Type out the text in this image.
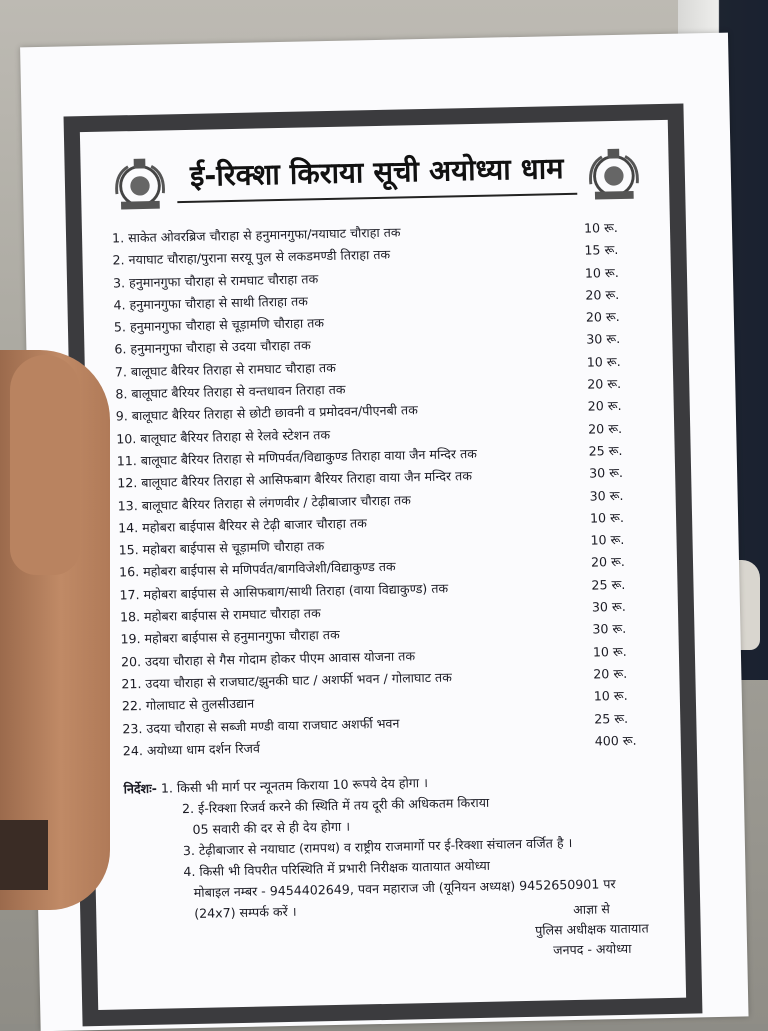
ई-रिक्शा किराया सूची अयोध्या धाम
1. साकेत ओवरब्रिज चौराहा से हनुमानगुफा/नयाघाट चौराहा तक	10 रू.
2. नयाघाट चौराहा/पुराना सरयू पुल से लकडमण्डी तिराहा तक	15 रू.
3. हनुमानगुफा चौराहा से रामघाट चौराहा तक	10 रू.
4. हनुमानगुफा चौराहा से साथी तिराहा तक	20 रू.
5. हनुमानगुफा चौराहा से चूड़ामणि चौराहा तक	20 रू.
6. हनुमानगुफा चौराहा से उदया चौराहा तक	30 रू.
7. बालूघाट बैरियर तिराहा से रामघाट चौराहा तक	10 रू.
8. बालूघाट बैरियर तिराहा से वन्तधावन तिराहा तक	20 रू.
9. बालूघाट बैरियर तिराहा से छोटी छावनी व प्रमोदवन/पीएनबी तक	20 रू.
10. बालूघाट बैरियर तिराहा से रेलवे स्टेशन तक	20 रू.
11. बालूघाट बैरियर तिराहा से मणिपर्वत/विद्याकुण्ड तिराहा वाया जैन मन्दिर तक	25 रू.
12. बालूघाट बैरियर तिराहा से आसिफबाग बैरियर तिराहा वाया जैन मन्दिर तक	30 रू.
13. बालूघाट बैरियर तिराहा से लंगणवीर / टेढ़ीबाजार चौराहा तक	30 रू.
14. महोबरा बाईपास बैरियर से टेढ़ी बाजार चौराहा तक	10 रू.
15. महोबरा बाईपास से चूड़ामणि चौराहा तक	10 रू.
16. महोबरा बाईपास से मणिपर्वत/बागविजेशी/विद्याकुण्ड तक	20 रू.
17. महोबरा बाईपास से आसिफबाग/साथी तिराहा (वाया विद्याकुण्ड) तक	25 रू.
18. महोबरा बाईपास से रामघाट चौराहा तक	30 रू.
19. महोबरा बाईपास से हनुमानगुफा चौराहा तक	30 रू.
20. उदया चौराहा से गैस गोदाम होकर पीएम आवास योजना तक	10 रू.
21. उदया चौराहा से राजघाट/झुनकी घाट / अशर्फी भवन / गोलाघाट तक	20 रू.
22. गोलाघाट से तुलसीउद्यान	10 रू.
23. उदया चौराहा से सब्जी मण्डी वाया राजघाट अशर्फी भवन	25 रू.
24. अयोध्या धाम दर्शन रिजर्व	400 रू.
निर्देशः- 1. किसी भी मार्ग पर न्यूनतम किराया 10 रूपये देय होगा ।
2. ई-रिक्शा रिजर्व करने की स्थिति में तय दूरी की अधिकतम किराया
05 सवारी की दर से ही देय होगा ।
3. टेढ़ीबाजार से नयाघाट (रामपथ) व राष्ट्रीय राजमार्गो पर ई-रिक्शा संचालन वर्जित है ।
4. किसी भी विपरीत परिस्थिति में प्रभारी निरीक्षक यातायात अयोध्या
मोबाइल नम्बर - 9454402649, पवन महाराज जी (यूनियन अध्यक्ष) 9452650901 पर
(24x7) सम्पर्क करें ।	आज्ञा से
पुलिस अधीक्षक यातायात
जनपद - अयोध्या
